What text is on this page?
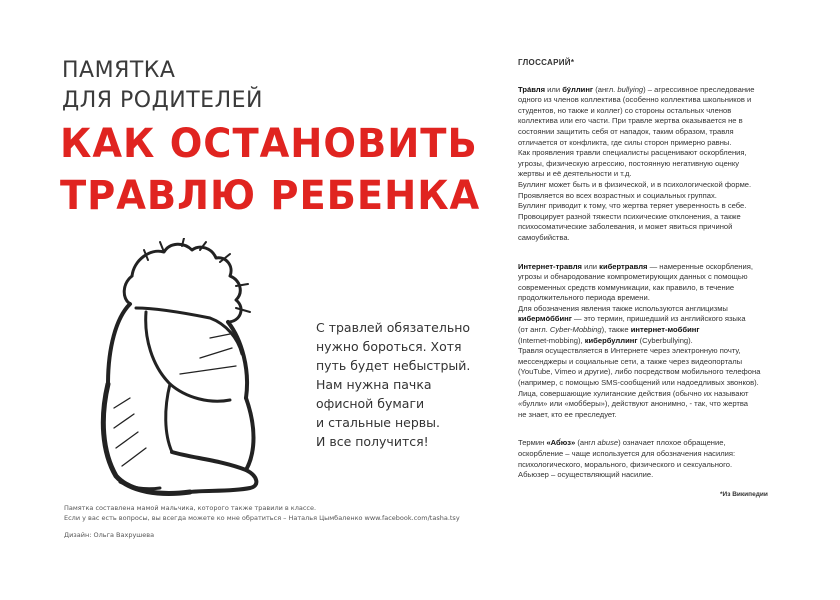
ПАМЯТКА
ДЛЯ РОДИТЕЛЕЙ
КАК ОСТАНОВИТЬ
ТРАВЛЮ РЕБЕНКА
С травлей обязательно
нужно бороться. Хотя
путь будет небыстрый.
Нам нужна пачка
офисной бумаги
и стальные нервы.
И все получится!
Памятка составлена мамой мальчика, которого также травили в классе.
Если у вас есть вопросы, вы всегда можете ко мне обратиться – Наталья Цымбаленко www.facebook.com/tasha.tsy
Дизайн: Ольга Вахрушева
ГЛОССАРИЙ*
Тра́вля или бу́ллинг (англ. bullying) – агрессивное преследование
одного из членов коллектива (особенно коллектива школьников и
студентов, но также и коллег) со стороны остальных членов
коллектива или его части. При травле жертва оказывается не в
состоянии защитить себя от нападок, таким образом, травля
отличается от конфликта, где силы сторон примерно равны.
Как проявления травли специалисты расценивают оскорбления,
угрозы, физическую агрессию, постоянную негативную оценку
жертвы и её деятельности и т.д.
Буллинг может быть и в физической, и в психологической форме.
Проявляется во всех возрастных и социальных группах.
Буллинг приводит к тому, что жертва теряет уверенность в себе.
Провоцирует разной тяжести психические отклонения, а также
психосоматические заболевания, и может явиться причиной
самоубийства.
Интернет-травля или кибертравля — намеренные оскорбления,
угрозы и обнародование компрометирующих данных с помощью
современных средств коммуникации, как правило, в течение
продолжительного периода времени.
Для обозначения явления также используются англицизмы
кибермо́ббинг — это термин, пришедший из английского языка
(от англ. Cyber-Mobbing), также интернет-моббинг
(Internet-mobbing), кибербуллинг (Cyberbullying).
Травля осуществляется в Интернете через электронную почту,
мессенджеры и социальные сети, а также через видеопорталы
(YouTube, Vimeo и другие), либо посредством мобильного телефона
(например, с помощью SMS-сообщений или надоедливых звонков).
Лица, совершающие хулиганские действия (обычно их называют
«булли» или «мобберы»), действуют анонимно, - так, что жертва
не знает, кто ее преследует.
Термин «Аб́юз» (англ abuse) означает плохое обращение,
оскорбление – чаще используется для обозначения насилия:
психологического, морального, физического и сексуального.
Абьюзер – осуществляющий насилие.
*Из Википедии
